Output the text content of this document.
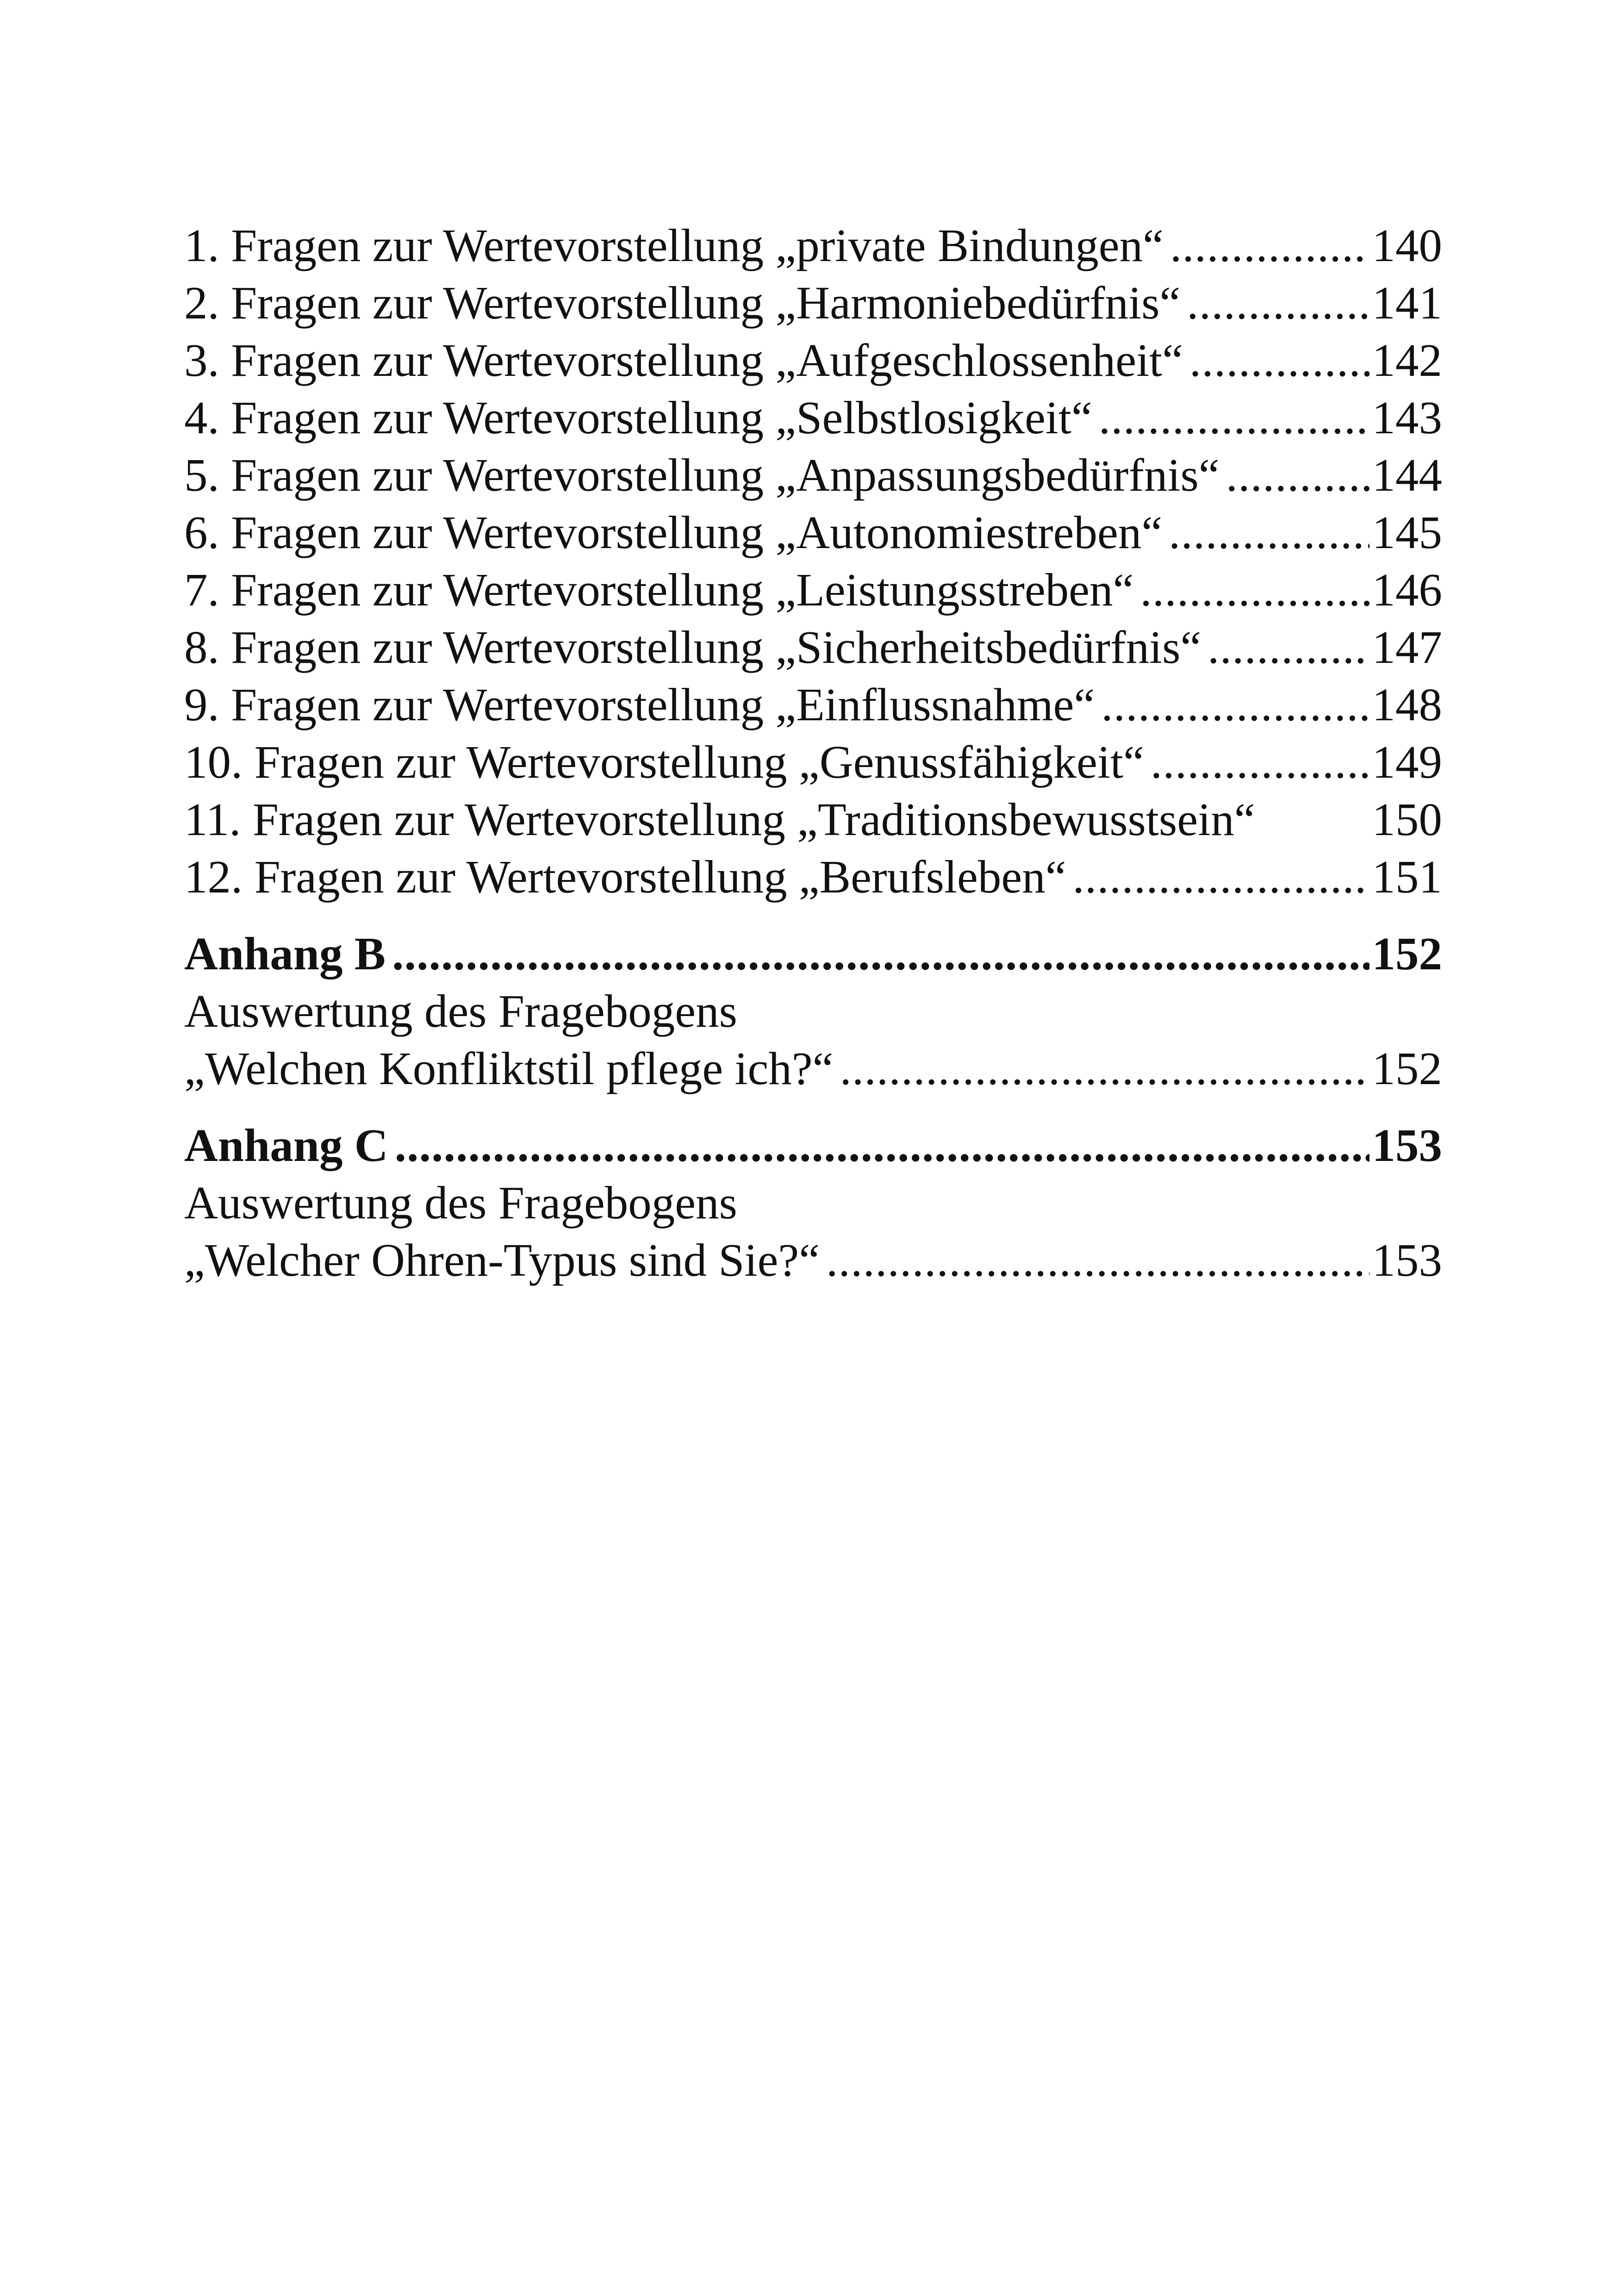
1. Fragen zur Wertevorstellung „private Bindungen“ . . .	140
2. Fragen zur Wertevorstellung „Harmoniebedürfnis“ . . .	141
3. Fragen zur Wertevorstellung „Aufgeschlossenheit“ . . .	142
4. Fragen zur Wertevorstellung „Selbstlosigkeit“ . . .	143
5. Fragen zur Wertevorstellung „Anpassungsbedürfnis“ . . .	144
6. Fragen zur Wertevorstellung „Autonomiestreben“ . . .	145
7. Fragen zur Wertevorstellung „Leistungsstreben“ . . .	146
8. Fragen zur Wertevorstellung „Sicherheitsbedürfnis“ . . .	147
9. Fragen zur Wertevorstellung „Einflussnahme“ . . .	148
10. Fragen zur Wertevorstellung „Genussfähigkeit“ . . .	149
11. Fragen zur Wertevorstellung „Traditionsbewusstsein“	150
12. Fragen zur Wertevorstellung „Berufsleben“ . . .	151
Anhang B . . .	152
Auswertung des Fragebogens
„Welchen Konfliktstil pflege ich?“ . . .	152
Anhang C . . .	153
Auswertung des Fragebogens
„Welcher Ohren-Typus sind Sie?“ . . .	153
